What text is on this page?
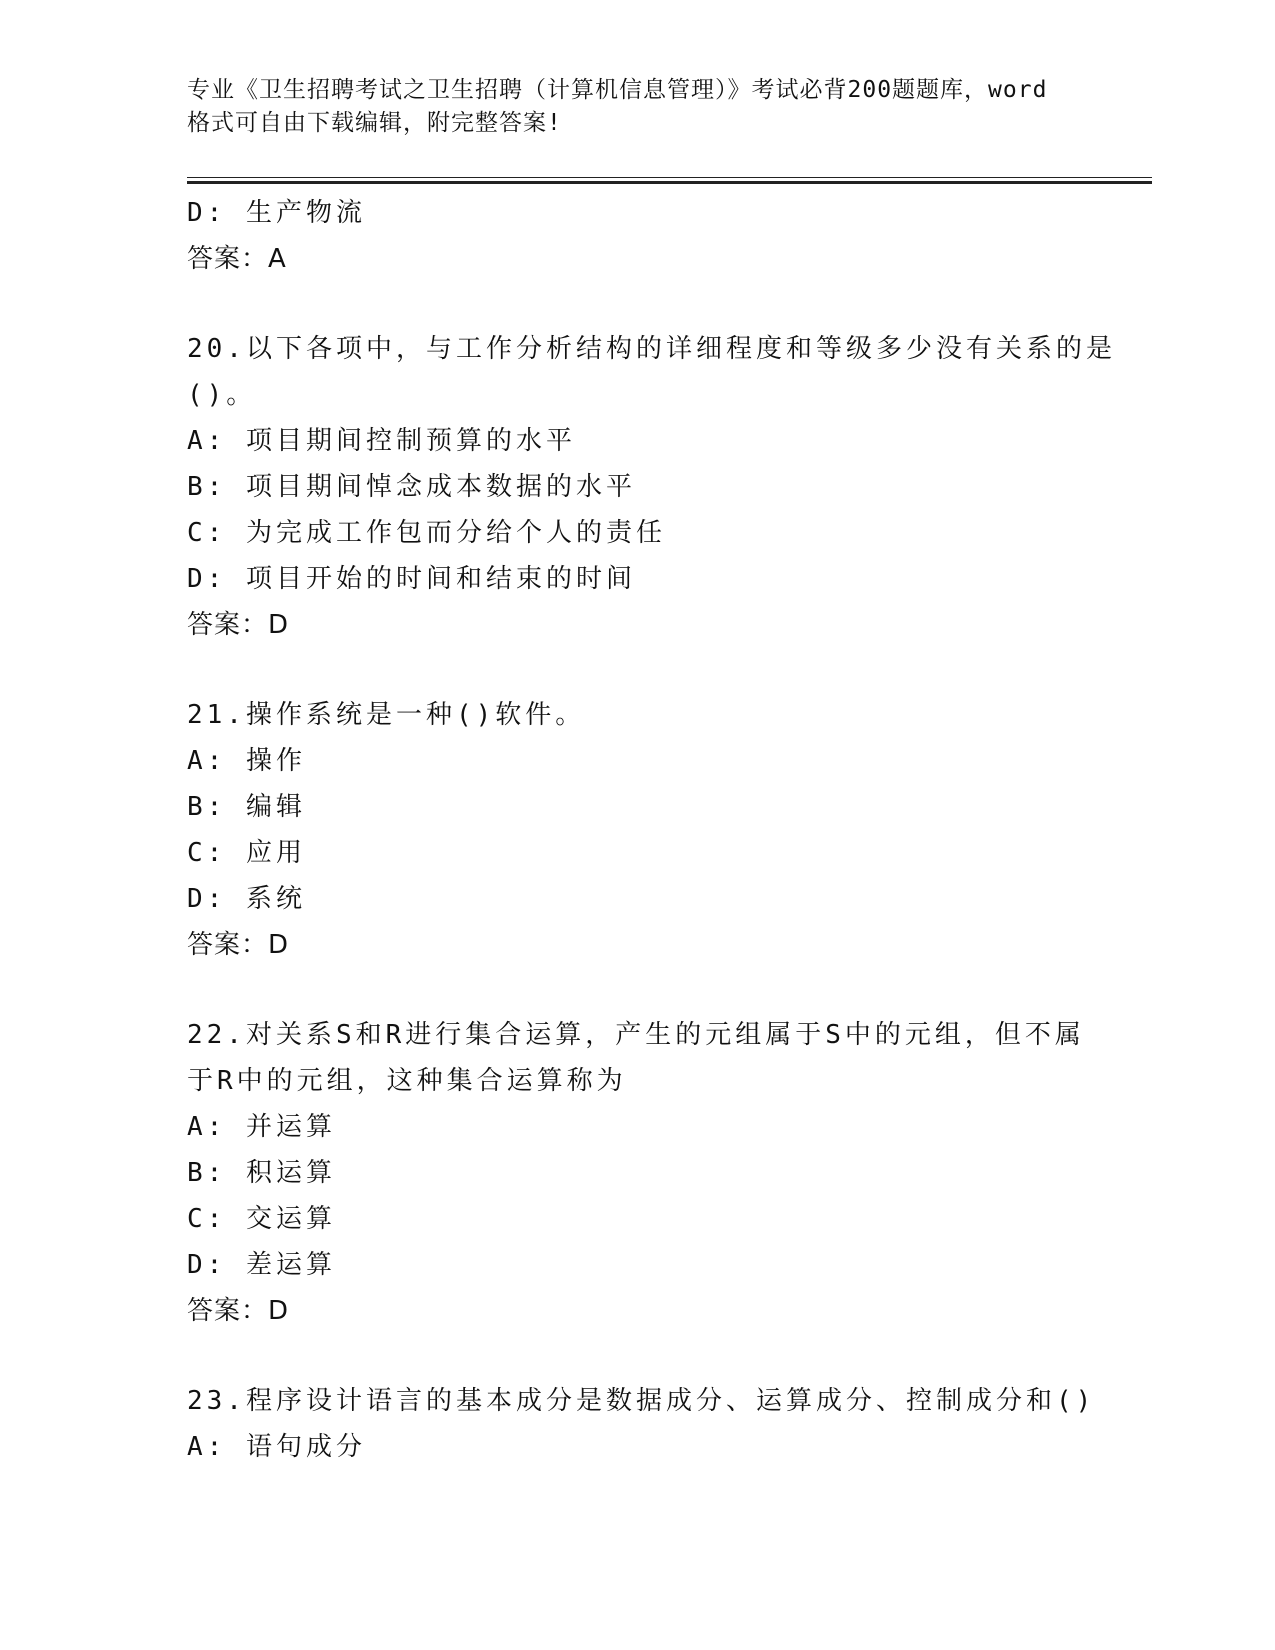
专业《卫生招聘考试之卫生招聘（计算机信息管理）》考试必背200题题库，word
格式可自由下载编辑，附完整答案!
D: 生产物流
答案：A
20.以下各项中，与工作分析结构的详细程度和等级多少没有关系的是
()。
A: 项目期间控制预算的水平
B: 项目期间悼念成本数据的水平
C: 为完成工作包而分给个人的责任
D: 项目开始的时间和结束的时间
答案：D
21.操作系统是一种()软件。
A: 操作
B: 编辑
C: 应用
D: 系统
答案：D
22.对关系S和R进行集合运算，产生的元组属于S中的元组，但不属
于R中的元组，这种集合运算称为
A: 并运算
B: 积运算
C: 交运算
D: 差运算
答案：D
23.程序设计语言的基本成分是数据成分、运算成分、控制成分和()
A: 语句成分
